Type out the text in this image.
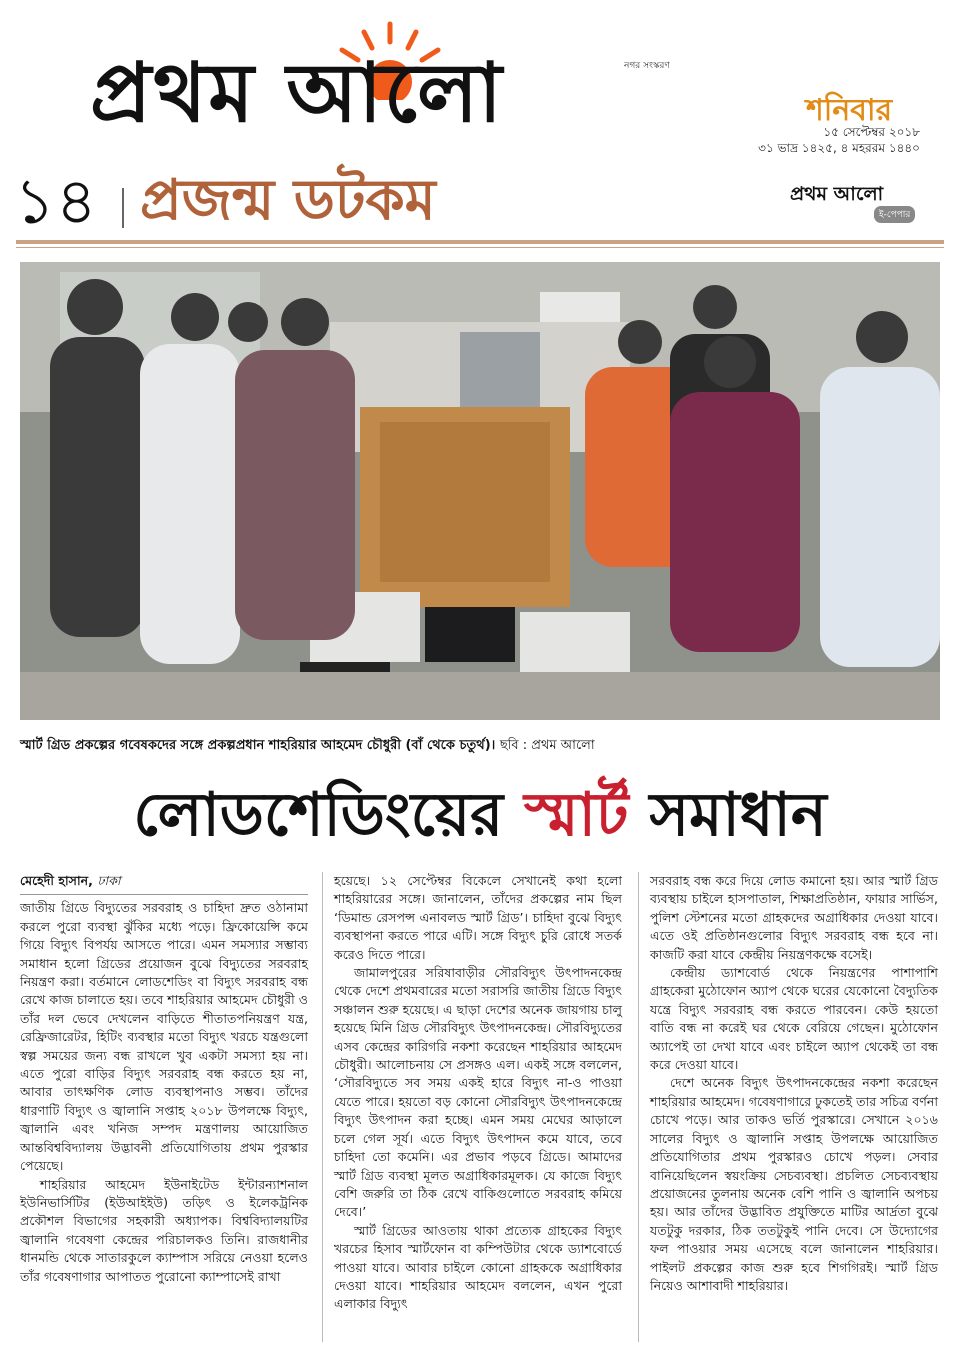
প্রথম আলো	নগর সংস্করণ
শনিবার
১৫ সেপ্টেম্বর ২০১৮
৩১ ভাদ্র ১৪২৫, ৪ মহররম ১৪৪০
১৪ প্রজন্ম ডটকম	প্রথম আলো
ই-পেপার
স্মার্ট গ্রিড প্রকল্পের গবেষকদের সঙ্গে প্রকল্পপ্রধান শাহরিয়ার আহমেদ চৌধুরী (বাঁ থেকে চতুর্থ)। ছবি : প্রথম আলো
লোডশেডিংয়ের স্মার্ট সমাধান
মেহেদী হাসান, ঢাকা

জাতীয় গ্রিডে বিদ্যুতের সরবরাহ ও চাহিদা দ্রুত ওঠানামা করলে পুরো ব্যবস্থা ঝুঁকির মধ্যে পড়ে। ফ্রিকোয়েন্সি কমে গিয়ে বিদ্যুৎ বিপর্যয় আসতে পারে। এমন সমস্যার সম্ভাব্য সমাধান হলো গ্রিডের প্রয়োজন বুঝে বিদ্যুতের সরবরাহ নিয়ন্ত্রণ করা। বর্তমানে লোডশেডিং বা বিদ্যুৎ সরবরাহ বন্ধ রেখে কাজ চালাতে হয়। তবে শাহরিয়ার আহমেদ চৌধুরী ও তাঁর দল ভেবে দেখলেন বাড়িতে শীতাতপনিয়ন্ত্রণ যন্ত্র, রেফ্রিজারেটর, হিটিং ব্যবস্থার মতো বিদ্যুৎ খরচে যন্ত্রগুলো স্বল্প সময়ের জন্য বন্ধ রাখলে খুব একটা সমস্যা হয় না। এতে পুরো বাড়ির বিদ্যুৎ সরবরাহ বন্ধ করতে হয় না, আবার তাৎক্ষণিক লোড ব্যবস্থাপনাও সম্ভব। তাঁদের ধারণাটি বিদ্যুৎ ও জ্বালানি সপ্তাহ ২০১৮ উপলক্ষে বিদ্যুৎ, জ্বালানি এবং খনিজ সম্পদ মন্ত্রণালয় আয়োজিত আন্তবিশ্ববিদ্যালয় উদ্ভাবনী প্রতিযোগিতায় প্রথম পুরস্কার পেয়েছে।

শাহরিয়ার আহমেদ ইউনাইটেড ইন্টারন্যাশনাল ইউনিভার্সিটির (ইউআইইউ) তড়িৎ ও ইলেকট্রনিক প্রকৌশল বিভাগের সহকারী অধ্যাপক। বিশ্ববিদ্যালয়টির জ্বালানি গবেষণা কেন্দ্রের পরিচালকও তিনি। রাজধানীর ধানমন্ডি থেকে সাতারকুলে ক্যাম্পাস সরিয়ে নেওয়া হলেও তাঁর গবেষণাগার আপাতত পুরোনো ক্যাম্পাসেই রাখা

হয়েছে। ১২ সেপ্টেম্বর বিকেলে সেখানেই কথা হলো শাহরিয়ারের সঙ্গে। জানালেন, তাঁদের প্রকল্পের নাম ছিল ‘ডিমান্ড রেসপন্স এনাবলড স্মার্ট গ্রিড’। চাহিদা বুঝে বিদ্যুৎ ব্যবস্থাপনা করতে পারে এটি। সঙ্গে বিদ্যুৎ চুরি রোধে সতর্ক করেও দিতে পারে।

জামালপুরের সরিষাবাড়ীর সৌরবিদ্যুৎ উৎপাদনকেন্দ্র থেকে দেশে প্রথমবারের মতো সরাসরি জাতীয় গ্রিডে বিদ্যুৎ সঞ্চালন শুরু হয়েছে। এ ছাড়া দেশের অনেক জায়গায় চালু হয়েছে মিনি গ্রিড সৌরবিদ্যুৎ উৎপাদনকেন্দ্র। সৌরবিদ্যুতের এসব কেন্দ্রের কারিগরি নকশা করেছেন শাহরিয়ার আহমেদ চৌধুরী। আলোচনায় সে প্রসঙ্গও এল। একই সঙ্গে বললেন, ‘সৌরবিদ্যুতে সব সময় একই হারে বিদ্যুৎ না-ও পাওয়া যেতে পারে। হয়তো বড় কোনো সৌরবিদ্যুৎ উৎপাদনকেন্দ্রে বিদ্যুৎ উৎপাদন করা হচ্ছে। এমন সময় মেঘের আড়ালে চলে গেল সূর্য। এতে বিদ্যুৎ উৎপাদন কমে যাবে, তবে চাহিদা তো কমেনি। এর প্রভাব পড়বে গ্রিডে। আমাদের স্মার্ট গ্রিড ব্যবস্থা মূলত অগ্রাধিকারমূলক। যে কাজে বিদ্যুৎ বেশি জরুরি তা ঠিক রেখে বাকিগুলোতে সরবরাহ কমিয়ে দেবে।’

স্মার্ট গ্রিডের আওতায় থাকা প্রত্যেক গ্রাহকের বিদ্যুৎ খরচের হিসাব স্মার্টফোন বা কম্পিউটার থেকে ড্যাশবোর্ডে পাওয়া যাবে। আবার চাইলে কোনো গ্রাহককে অগ্রাধিকার দেওয়া যাবে। শাহরিয়ার আহমেদ বললেন, এখন পুরো এলাকার বিদ্যুৎ

সরবরাহ বন্ধ করে দিয়ে লোড কমানো হয়। আর স্মার্ট গ্রিড ব্যবস্থায় চাইলে হাসপাতাল, শিক্ষাপ্রতিষ্ঠান, ফায়ার সার্ভিস, পুলিশ স্টেশনের মতো গ্রাহকদের অগ্রাধিকার দেওয়া যাবে। এতে ওই প্রতিষ্ঠানগুলোর বিদ্যুৎ সরবরাহ বন্ধ হবে না। কাজটি করা যাবে কেন্দ্রীয় নিয়ন্ত্রণকক্ষে বসেই।

কেন্দ্রীয় ড্যাশবোর্ড থেকে নিয়ন্ত্রণের পাশাপাশি গ্রাহকেরা মুঠোফোন অ্যাপ থেকে ঘরের যেকোনো বৈদ্যুতিক যন্ত্রে বিদ্যুৎ সরবরাহ বন্ধ করতে পারবেন। কেউ হয়তো বাতি বন্ধ না করেই ঘর থেকে বেরিয়ে গেছেন। মুঠোফোন অ্যাপেই তা দেখা যাবে এবং চাইলে অ্যাপ থেকেই তা বন্ধ করে দেওয়া যাবে।

দেশে অনেক বিদ্যুৎ উৎপাদনকেন্দ্রের নকশা করেছেন শাহরিয়ার আহমেদ। গবেষণাগারে ঢুকতেই তার সচিত্র বর্ণনা চোখে পড়ে। আর তাকও ভর্তি পুরস্কারে। সেখানে ২০১৬ সালের বিদ্যুৎ ও জ্বালানি সপ্তাহ উপলক্ষে আয়োজিত প্রতিযোগিতার প্রথম পুরস্কারও চোখে পড়ল। সেবার বানিয়েছিলেন স্বয়ংক্রিয় সেচব্যবস্থা। প্রচলিত সেচব্যবস্থায় প্রয়োজনের তুলনায় অনেক বেশি পানি ও জ্বালানি অপচয় হয়। আর তাঁদের উদ্ভাবিত প্রযুক্তিতে মাটির আর্দ্রতা বুঝে যতটুকু দরকার, ঠিক ততটুকুই পানি দেবে। সে উদ্যোগের ফল পাওয়ার সময় এসেছে বলে জানালেন শাহরিয়ার। পাইলট প্রকল্পের কাজ শুরু হবে শিগগিরই। স্মার্ট গ্রিড নিয়েও আশাবাদী শাহরিয়ার।
